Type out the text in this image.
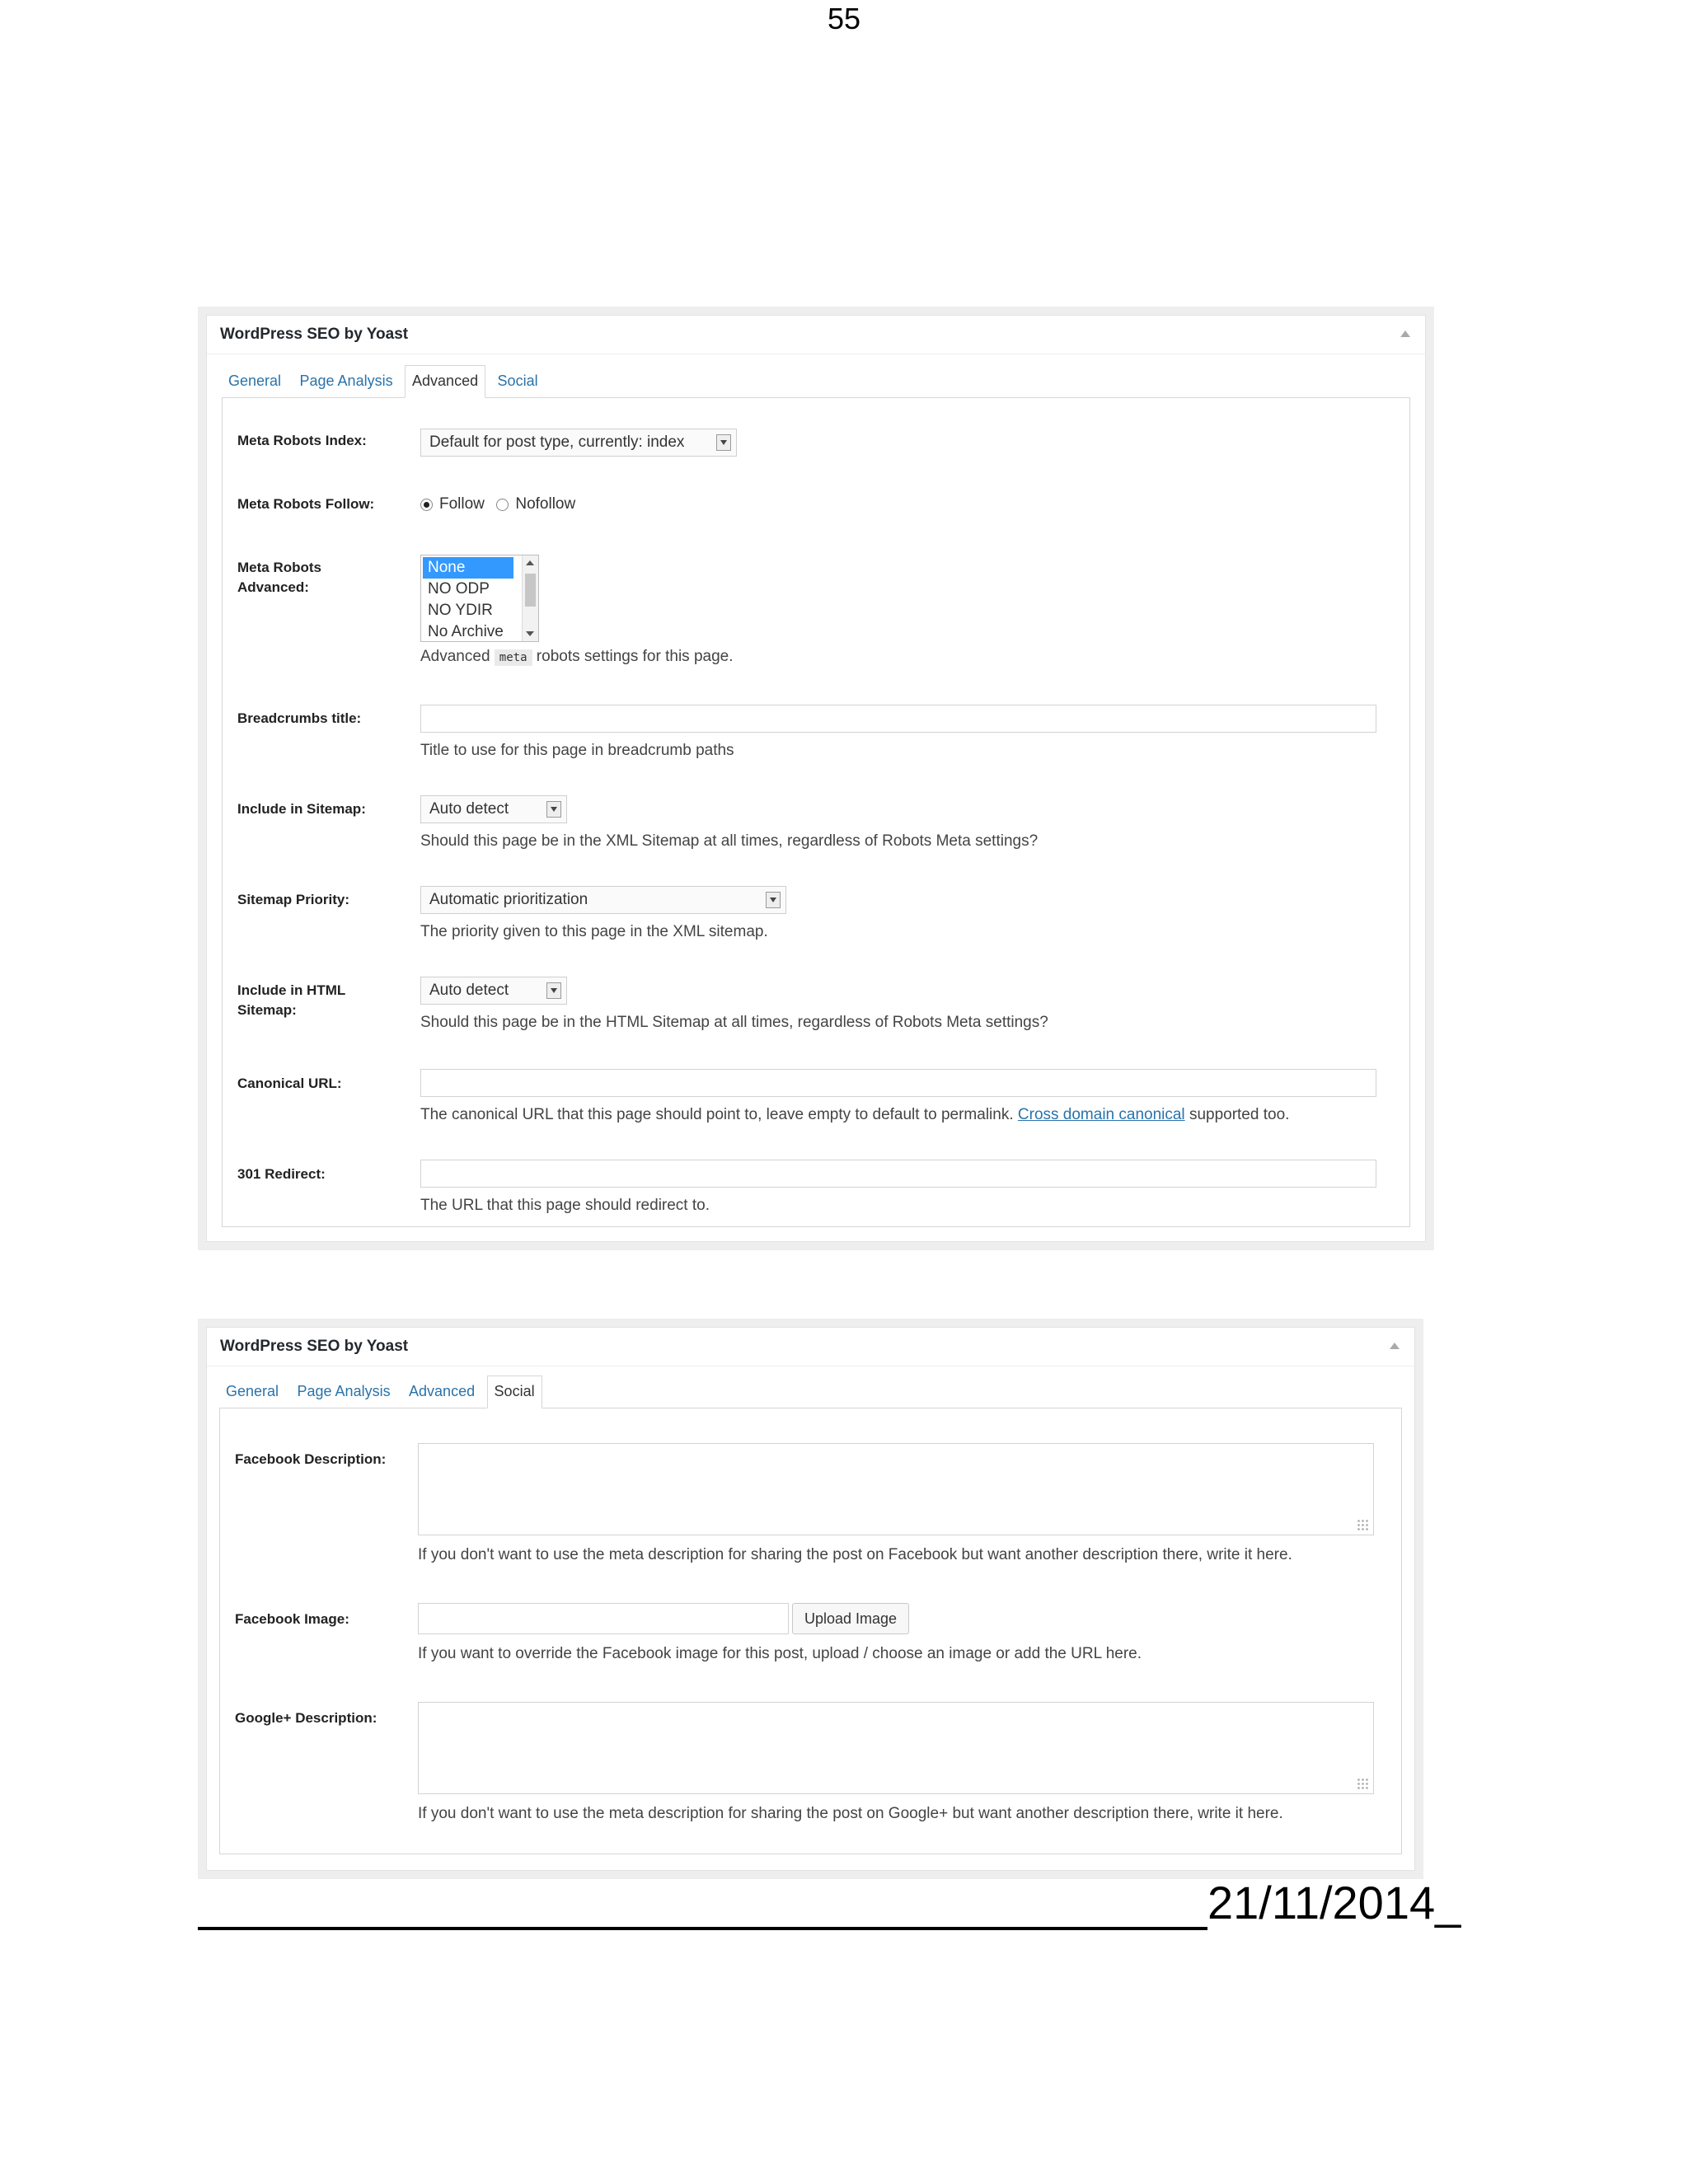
55
WordPress SEO by Yoast
General Page Analysis Advanced Social
Meta Robots Index:	Default for post type, currently: index
Meta Robots Follow:	Follow Nofollow
Meta Robots Advanced:
None
NO ODP
NO YDIR
No Archive
Advanced meta robots settings for this page.
Breadcrumbs title:
Title to use for this page in breadcrumb paths
Include in Sitemap:	Auto detect
Should this page be in the XML Sitemap at all times, regardless of Robots Meta settings?
Sitemap Priority:	Automatic prioritization
The priority given to this page in the XML sitemap.
Include in HTML Sitemap:
Auto detect
Should this page be in the HTML Sitemap at all times, regardless of Robots Meta settings?
Canonical URL:
The canonical URL that this page should point to, leave empty to default to permalink. Cross domain canonical supported too.
301 Redirect:
The URL that this page should redirect to.
WordPress SEO by Yoast
General Page Analysis Advanced Social
Facebook Description:
If you don't want to use the meta description for sharing the post on Facebook but want another description there, write it here.
Facebook Image:	Upload Image
If you want to override the Facebook image for this post, upload / choose an image or add the URL here.
Google+ Description:
If you don't want to use the meta description for sharing the post on Google+ but want another description there, write it here.
21/11/2014_
